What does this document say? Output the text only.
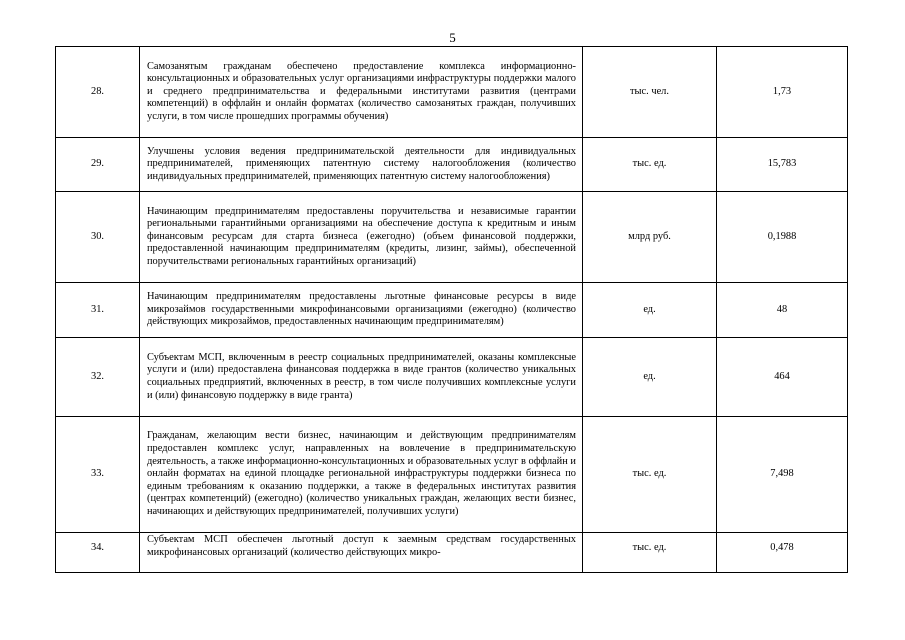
5
28.	Самозанятым гражданам обеспечено предоставление комплекса информационно-консультационных и образовательных услуг организациями инфраструктуры поддержки малого и среднего предпринимательства и федеральными институтами развития (центрами компетенций) в оффлайн и онлайн форматах (количество самозанятых граждан, получивших услуги, в том числе прошедших программы обучения)	тыс. чел.	1,73
29.	Улучшены условия ведения предпринимательской деятельности для индивидуальных предпринимателей, применяющих патентную систему налогообложения (количество индивидуальных предпринимателей, применяющих патентную систему налогообложения)	тыс. ед.	15,783
30.	Начинающим предпринимателям предоставлены поручительства и независимые гарантии региональными гарантийными организациями на обеспечение доступа к кредитным и иным финансовым ресурсам для старта бизнеса (ежегодно) (объем финансовой поддержки, предоставленной начинающим предпринимателям (кредиты, лизинг, займы), обеспеченной поручительствами региональных гарантийных организаций)	млрд руб.	0,1988
31.	Начинающим предпринимателям предоставлены льготные финансовые ресурсы в виде микрозаймов государственными микрофинансовыми организациями (ежегодно) (количество действующих микрозаймов, предоставленных начинающим предпринимателям)	ед.	48
32.	Субъектам МСП, включенным в реестр социальных предпринимателей, оказаны комплексные услуги и (или) предоставлена финансовая поддержка в виде грантов (количество уникальных социальных предприятий, включенных в реестр, в том числе получивших комплексные услуги и (или) финансовую поддержку в виде гранта)	ед.	464
33.	Гражданам, желающим вести бизнес, начинающим и действующим предпринимателям предоставлен комплекс услуг, направленных на вовлечение в предпринимательскую деятельность, а также информационно-консультационных и образовательных услуг в оффлайн и онлайн форматах на единой площадке региональной инфраструктуры поддержки бизнеса по единым требованиям к оказанию поддержки, а также в федеральных институтах развития (центрах компетенций) (ежегодно) (количество уникальных граждан, желающих вести бизнес, начинающих и действующих предпринимателей, получивших услуги)	тыс. ед.	7,498
34.	Субъектам МСП обеспечен льготный доступ к заемным средствам государственных микрофинансовых организаций (количество действующих микро-	тыс. ед.	0,478
